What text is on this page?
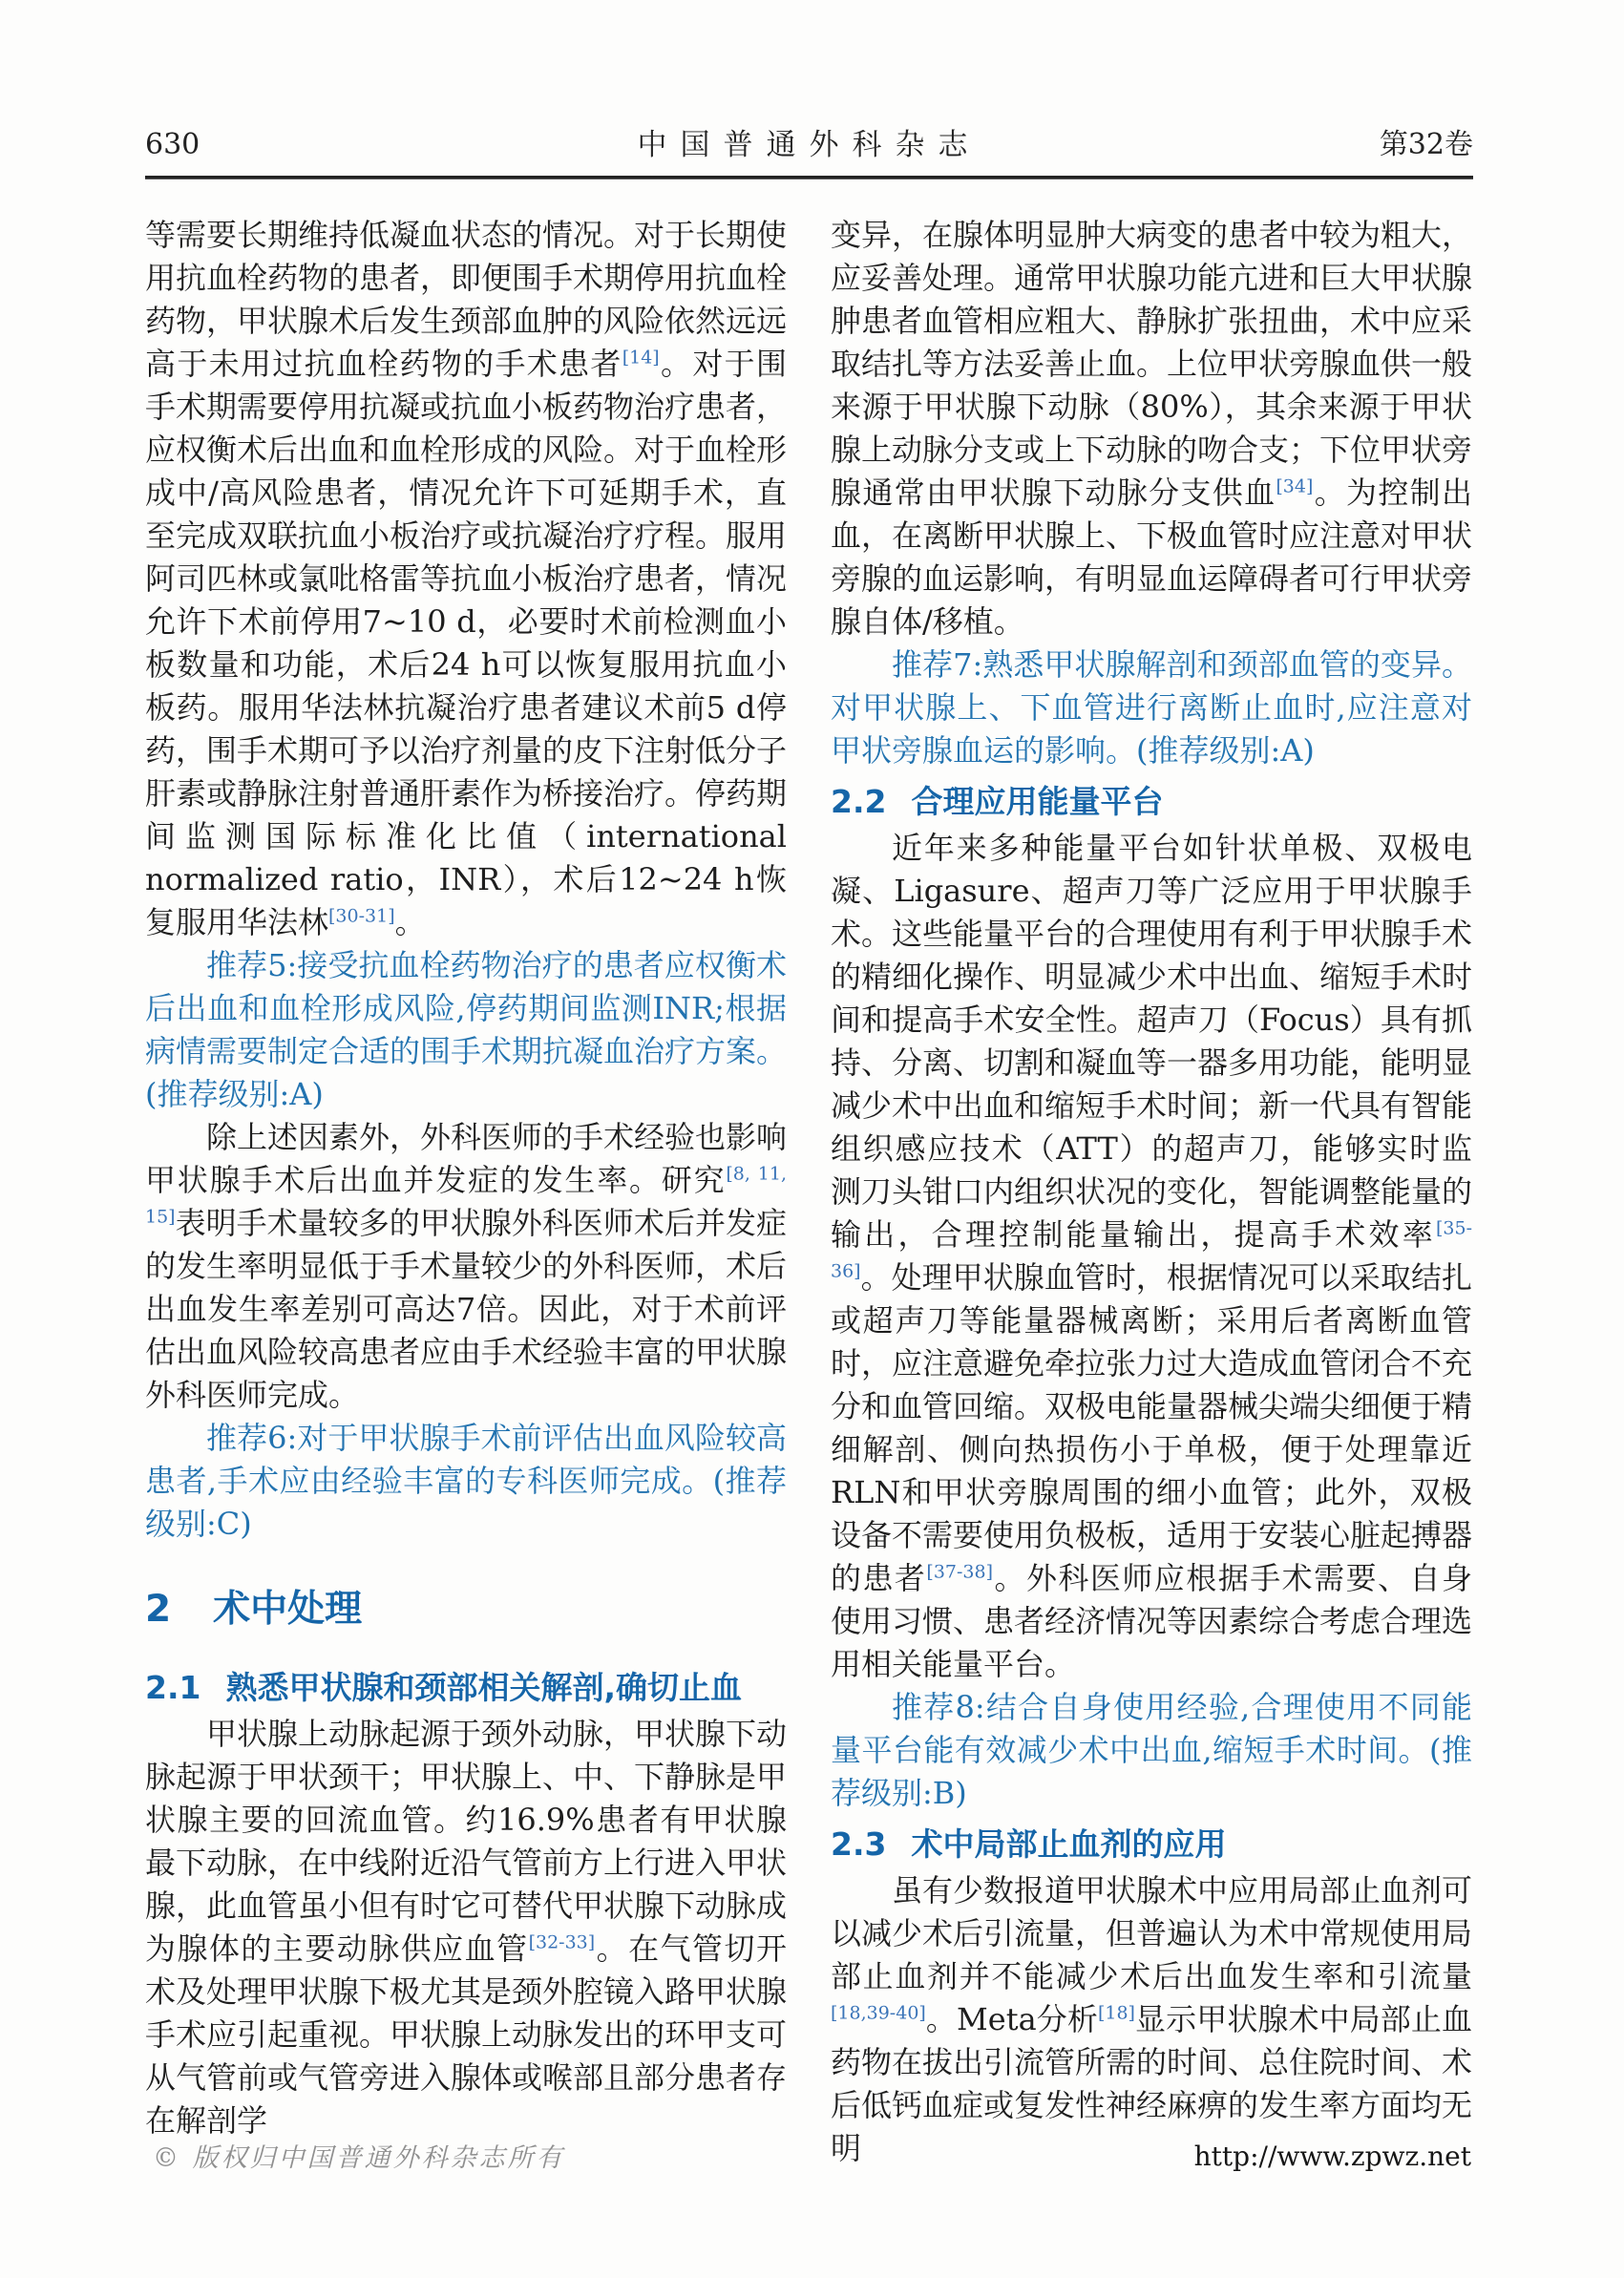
630	中国普通外科杂志	第32卷

等需要长期维持低凝血状态的情况。对于长期使用抗血栓药物的患者，即便围手术期停用抗血栓药物，甲状腺术后发生颈部血肿的风险依然远远高于未用过抗血栓药物的手术患者[14]。对于围手术期需要停用抗凝或抗血小板药物治疗患者，应权衡术后出血和血栓形成的风险。对于血栓形成中/高风险患者，情况允许下可延期手术，直至完成双联抗血小板治疗或抗凝治疗疗程。服用阿司匹林或氯吡格雷等抗血小板治疗患者，情况允许下术前停用7~10 d，必要时术前检测血小板数量和功能，术后24 h可以恢复服用抗血小板药。服用华法林抗凝治疗患者建议术前5 d停药，围手术期可予以治疗剂量的皮下注射低分子肝素或静脉注射普通肝素作为桥接治疗。停药期间监测国际标准化比值（international normalized ratio，INR），术后12~24 h恢复服用华法林[30-31]。

推荐5:接受抗血栓药物治疗的患者应权衡术后出血和血栓形成风险,停药期间监测INR;根据病情需要制定合适的围手术期抗凝血治疗方案。(推荐级别:A)

除上述因素外，外科医师的手术经验也影响甲状腺手术后出血并发症的发生率。研究[8, 11, 15]表明手术量较多的甲状腺外科医师术后并发症的发生率明显低于手术量较少的外科医师，术后出血发生率差别可高达7倍。因此，对于术前评估出血风险较高患者应由手术经验丰富的甲状腺外科医师完成。

推荐6:对于甲状腺手术前评估出血风险较高患者,手术应由经验丰富的专科医师完成。(推荐级别:C)

2 术中处理
2.1 熟悉甲状腺和颈部相关解剖,确切止血

甲状腺上动脉起源于颈外动脉，甲状腺下动脉起源于甲状颈干；甲状腺上、中、下静脉是甲状腺主要的回流血管。约16.9%患者有甲状腺最下动脉，在中线附近沿气管前方上行进入甲状腺，此血管虽小但有时它可替代甲状腺下动脉成为腺体的主要动脉供应血管[32-33]。在气管切开术及处理甲状腺下极尤其是颈外腔镜入路甲状腺手术应引起重视。甲状腺上动脉发出的环甲支可从气管前或气管旁进入腺体或喉部且部分患者存在解剖学

变异，在腺体明显肿大病变的患者中较为粗大，应妥善处理。通常甲状腺功能亢进和巨大甲状腺肿患者血管相应粗大、静脉扩张扭曲，术中应采取结扎等方法妥善止血。上位甲状旁腺血供一般来源于甲状腺下动脉（80%），其余来源于甲状腺上动脉分支或上下动脉的吻合支；下位甲状旁腺通常由甲状腺下动脉分支供血[34]。为控制出血，在离断甲状腺上、下极血管时应注意对甲状旁腺的血运影响，有明显血运障碍者可行甲状旁腺自体/移植。

推荐7:熟悉甲状腺解剖和颈部血管的变异。对甲状腺上、下血管进行离断止血时,应注意对甲状旁腺血运的影响。(推荐级别:A)

2.2 合理应用能量平台

近年来多种能量平台如针状单极、双极电凝、Ligasure、超声刀等广泛应用于甲状腺手术。这些能量平台的合理使用有利于甲状腺手术的精细化操作、明显减少术中出血、缩短手术时间和提高手术安全性。超声刀（Focus）具有抓持、分离、切割和凝血等一器多用功能，能明显减少术中出血和缩短手术时间；新一代具有智能组织感应技术（ATT）的超声刀，能够实时监测刀头钳口内组织状况的变化，智能调整能量的输出，合理控制能量输出，提高手术效率[35-36]。处理甲状腺血管时，根据情况可以采取结扎或超声刀等能量器械离断；采用后者离断血管时，应注意避免牵拉张力过大造成血管闭合不充分和血管回缩。双极电能量器械尖端尖细便于精细解剖、侧向热损伤小于单极，便于处理靠近RLN和甲状旁腺周围的细小血管；此外，双极设备不需要使用负极板，适用于安装心脏起搏器的患者[37-38]。外科医师应根据手术需要、自身使用习惯、患者经济情况等因素综合考虑合理选用相关能量平台。

推荐8:结合自身使用经验,合理使用不同能量平台能有效减少术中出血,缩短手术时间。(推荐级别:B)

2.3 术中局部止血剂的应用

虽有少数报道甲状腺术中应用局部止血剂可以减少术后引流量，但普遍认为术中常规使用局部止血剂并不能减少术后出血发生率和引流量[18,39-40]。Meta分析[18]显示甲状腺术中局部止血药物在拔出引流管所需的时间、总住院时间、术后低钙血症或复发性神经麻痹的发生率方面均无明

© 版权归中国普通外科杂志所有	http://www.zpwz.net
